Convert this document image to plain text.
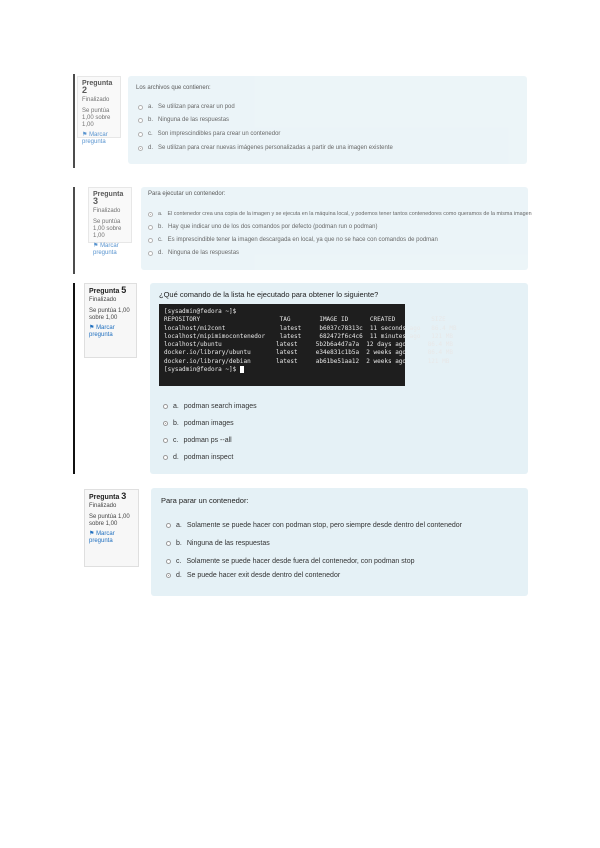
Pregunta 2
Finalizado
Se puntúa 1,00 sobre 1,00
⚑ Marcar pregunta
Los archivos que contienen:
a. Se utilizan para crear un pod
b. Ninguna de las respuestas
c. Son imprescindibles para crear un contenedor
d. Se utilizan para crear nuevas imágenes personalizadas a partir de una imagen existente
Pregunta 3
Finalizado
Se puntúa 1,00 sobre 1,00
⚑ Marcar pregunta
Para ejecutar un contenedor:
a. El contenedor crea una copia de la imagen y se ejecuta en la máquina local, y podemos tener tantos contenedores como queramos de la misma imagen
b. Hay que indicar uno de los dos comandos por defecto (podman run o podman)
c. Es imprescindible tener la imagen descargada en local, ya que no se hace con comandos de podman
d. Ninguna de las respuestas
Pregunta 5
Finalizado
Se puntúa 1,00 sobre 1,00
⚑ Marcar pregunta
¿Qué comando de la lista he ejecutado para obtener lo siguiente?
[sysadmin@fedora ~]$
REPOSITORY                      TAG        IMAGE ID      CREATED          SIZE
localhost/mi2cont               latest     b6037c78313c  11 seconds ago   86.4 MB
localhost/mipimimocontenedor    latest     682472f6c4c6  11 minutes ago   121 MB
localhost/ubuntu               latest     5b2b6a4d7a7a  12 days ago      86.4 MB
docker.io/library/ubuntu       latest     e34e831c1b5a  2 weeks ago      86.4 MB
docker.io/library/debian       latest     ab61be51aa12  2 weeks ago      121 MB
[sysadmin@fedora ~]$
a. podman search images
b. podman images
c. podman ps --all
d. podman inspect
Pregunta 3
Finalizado
Se puntúa 1,00 sobre 1,00
⚑ Marcar pregunta
Para parar un contenedor:
a. Solamente se puede hacer con podman stop, pero siempre desde dentro del contenedor
b. Ninguna de las respuestas
c. Solamente se puede hacer desde fuera del contenedor, con podman stop
d. Se puede hacer exit desde dentro del contenedor
